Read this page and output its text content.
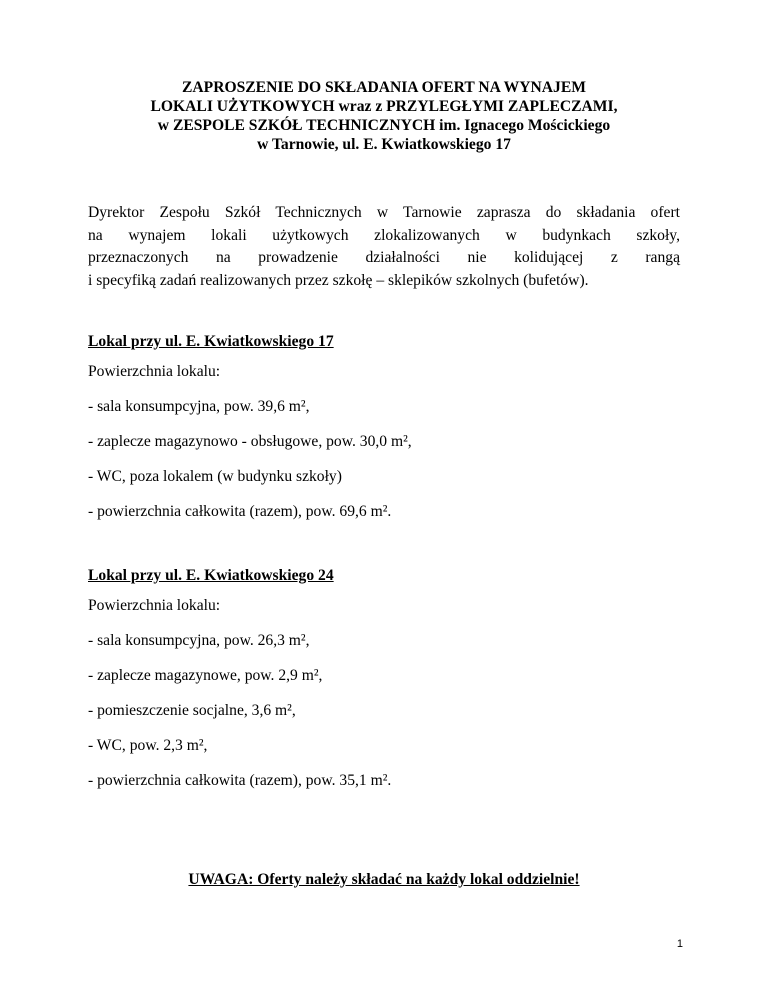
ZAPROSZENIE DO SKŁADANIA OFERT NA WYNAJEM
LOKALI UŻYTKOWYCH wraz z PRZYLEGŁYMI ZAPLECZAMI,
w ZESPOLE SZKÓŁ TECHNICZNYCH im. Ignacego Mościckiego
w Tarnowie, ul. E. Kwiatkowskiego 17
Dyrektor Zespołu Szkół Technicznych w Tarnowie zaprasza do składania ofert
na wynajem lokali użytkowych zlokalizowanych w budynkach szkoły,
przeznaczonych na prowadzenie działalności nie kolidującej z rangą
i specyfiką zadań realizowanych przez szkołę – sklepików szkolnych (bufetów).
Lokal przy ul. E. Kwiatkowskiego 17
Powierzchnia lokalu:
- sala konsumpcyjna, pow. 39,6 m²,
- zaplecze magazynowo - obsługowe, pow. 30,0 m²,
- WC, poza lokalem (w budynku szkoły)
- powierzchnia całkowita (razem), pow. 69,6 m².
Lokal przy ul. E. Kwiatkowskiego 24
Powierzchnia lokalu:
- sala konsumpcyjna, pow. 26,3 m²,
- zaplecze magazynowe, pow. 2,9 m²,
- pomieszczenie socjalne, 3,6 m²,
- WC, pow. 2,3 m²,
- powierzchnia całkowita (razem), pow. 35,1 m².
UWAGA: Oferty należy składać na każdy lokal oddzielnie!
1
